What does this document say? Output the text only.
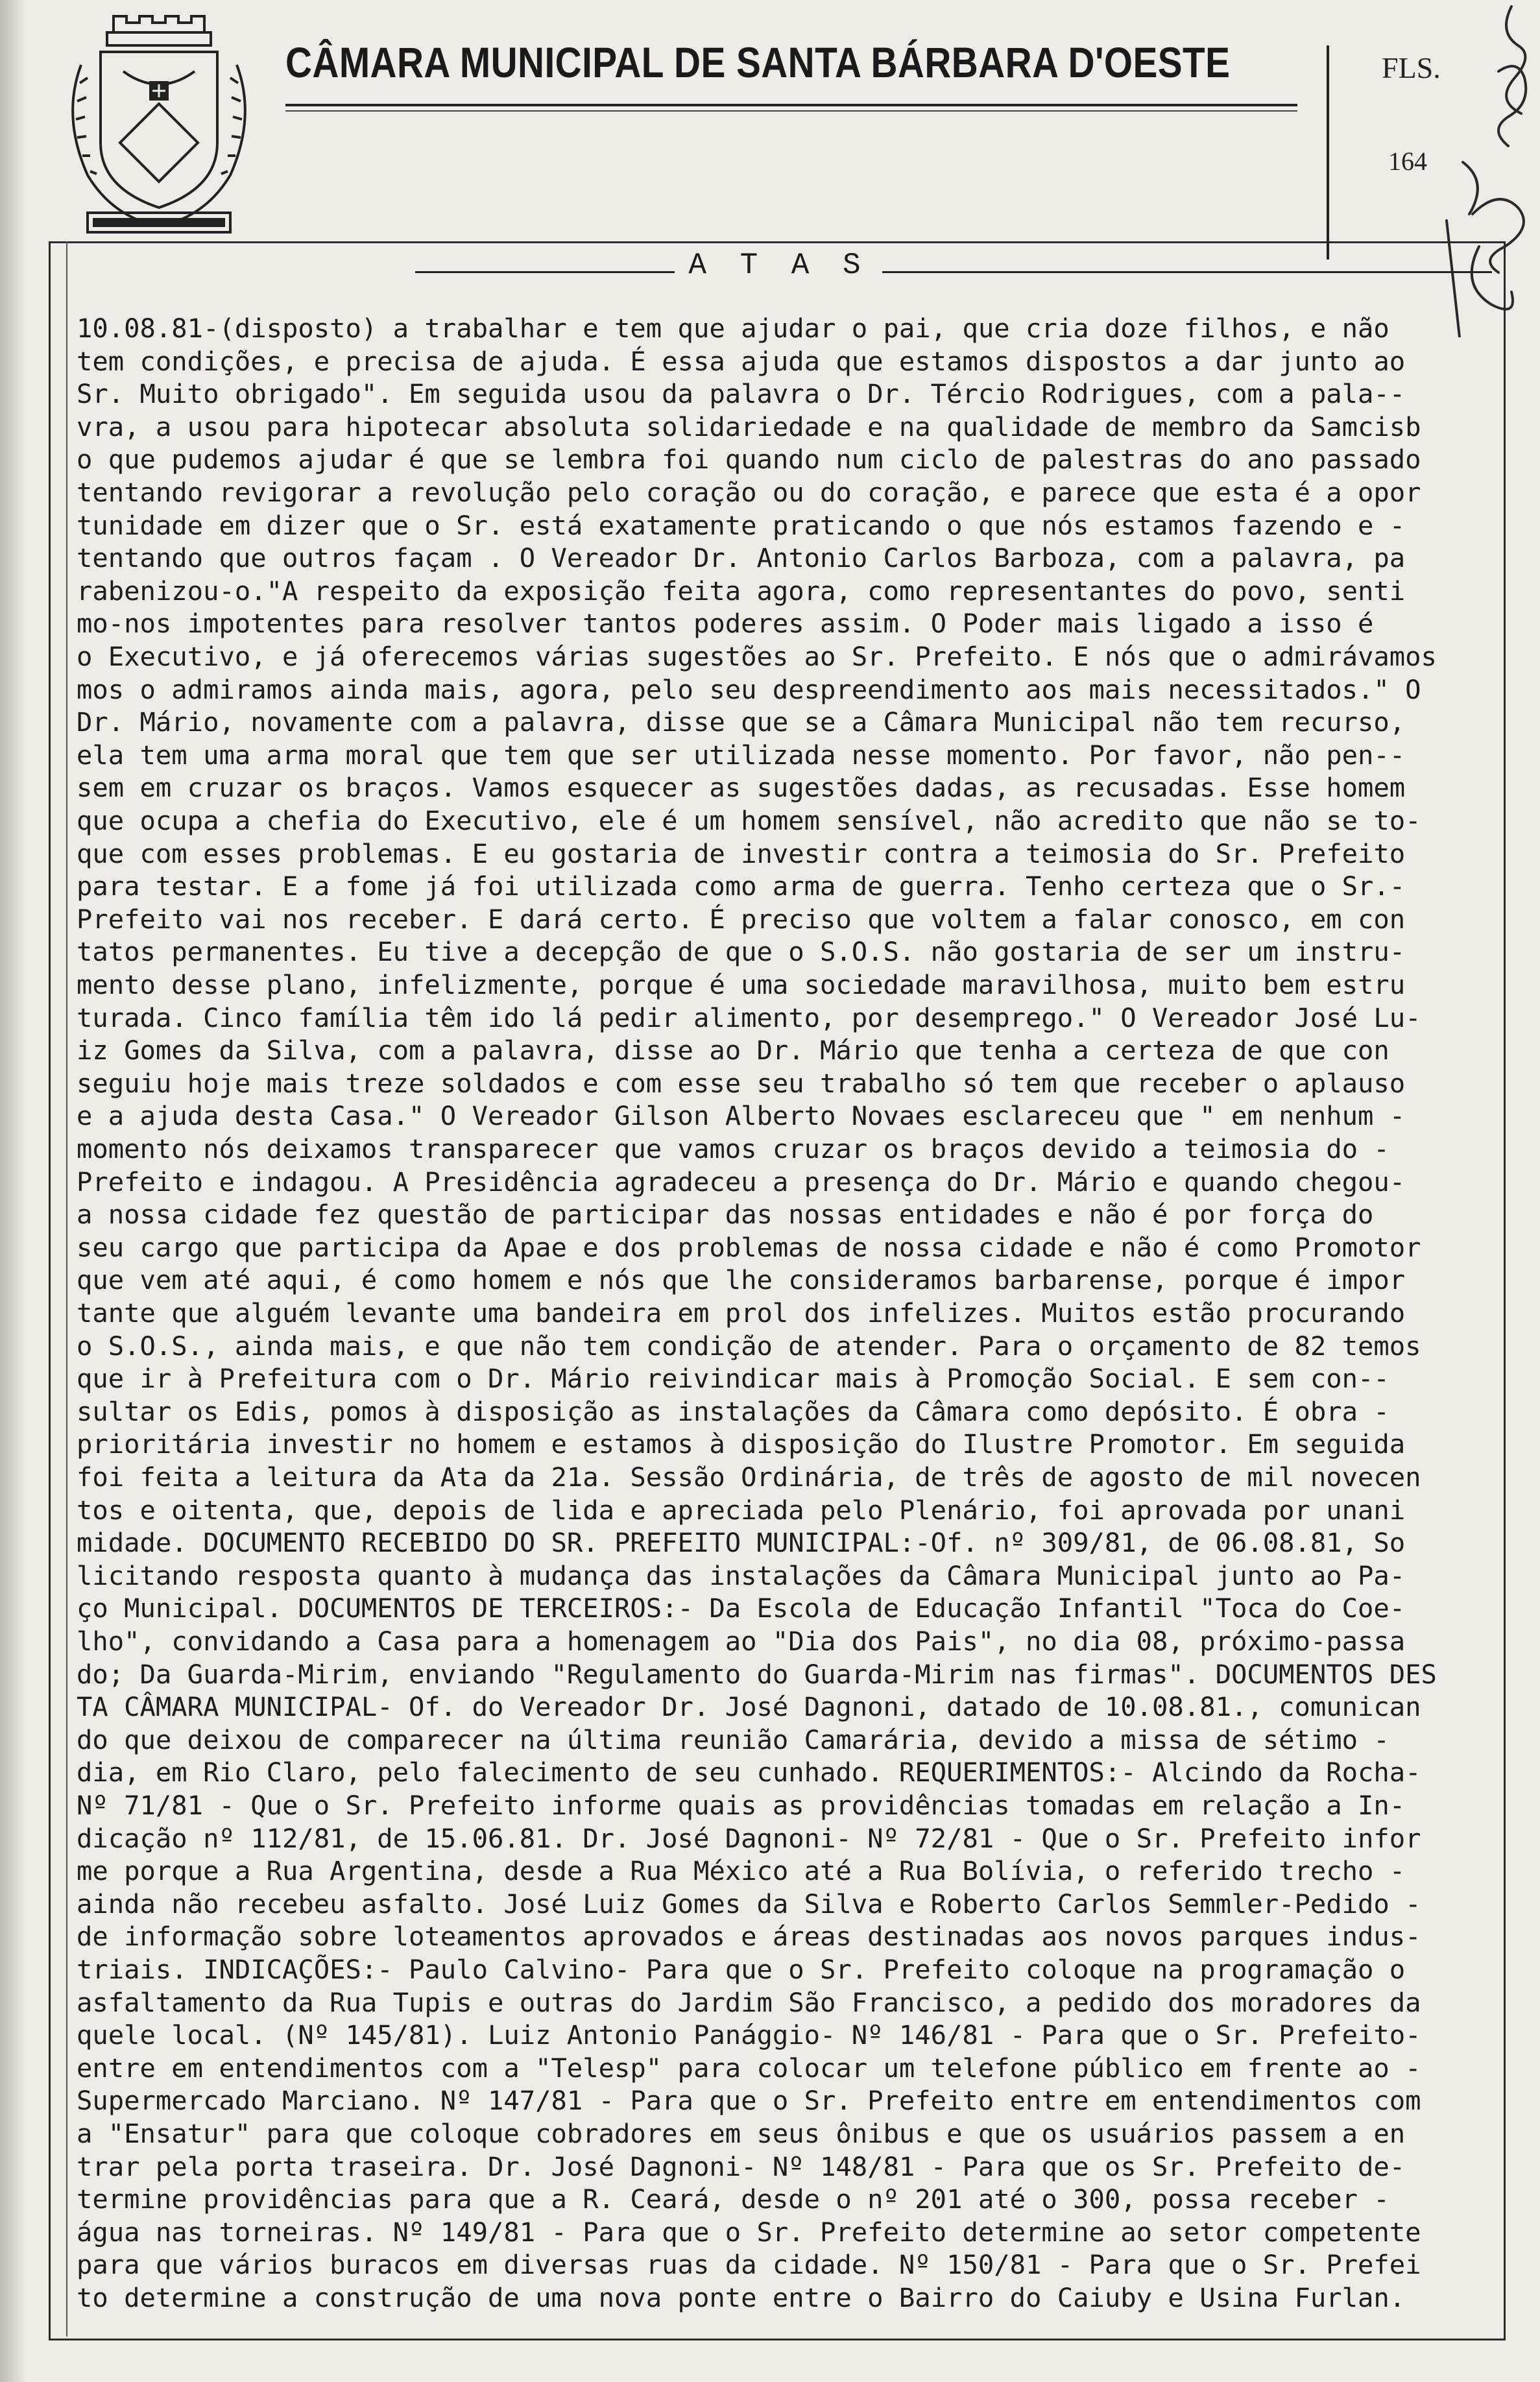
CÂMARA MUNICIPAL DE SANTA BÁRBARA D'OESTE	FLS.
164
A T A S
10.08.81-(disposto) a trabalhar e tem que ajudar o pai, que cria doze filhos, e não
tem condições, e precisa de ajuda. É essa ajuda que estamos dispostos a dar junto ao
Sr. Muito obrigado". Em seguida usou da palavra o Dr. Tércio Rodrigues, com a pala--
vra, a usou para hipotecar absoluta solidariedade e na qualidade de membro da Samcisb
o que pudemos ajudar é que se lembra foi quando num ciclo de palestras do ano passado
tentando revigorar a revolução pelo coração ou do coração, e parece que esta é a opor
tunidade em dizer que o Sr. está exatamente praticando o que nós estamos fazendo e -
tentando que outros façam . O Vereador Dr. Antonio Carlos Barboza, com a palavra, pa
rabenizou-o."A respeito da exposição feita agora, como representantes do povo, senti
mo-nos impotentes para resolver tantos poderes assim. O Poder mais ligado a isso é
o Executivo, e já oferecemos várias sugestões ao Sr. Prefeito. E nós que o admirávamos
mos o admiramos ainda mais, agora, pelo seu despreendimento aos mais necessitados." O
Dr. Mário, novamente com a palavra, disse que se a Câmara Municipal não tem recurso,
ela tem uma arma moral que tem que ser utilizada nesse momento. Por favor, não pen--
sem em cruzar os braços. Vamos esquecer as sugestões dadas, as recusadas. Esse homem
que ocupa a chefia do Executivo, ele é um homem sensível, não acredito que não se to-
que com esses problemas. E eu gostaria de investir contra a teimosia do Sr. Prefeito
para testar. E a fome já foi utilizada como arma de guerra. Tenho certeza que o Sr.-
Prefeito vai nos receber. E dará certo. É preciso que voltem a falar conosco, em con
tatos permanentes. Eu tive a decepção de que o S.O.S. não gostaria de ser um instru-
mento desse plano, infelizmente, porque é uma sociedade maravilhosa, muito bem estru
turada. Cinco família têm ido lá pedir alimento, por desemprego." O Vereador José Lu-
iz Gomes da Silva, com a palavra, disse ao Dr. Mário que tenha a certeza de que con
seguiu hoje mais treze soldados e com esse seu trabalho só tem que receber o aplauso
e a ajuda desta Casa." O Vereador Gilson Alberto Novaes esclareceu que " em nenhum -
momento nós deixamos transparecer que vamos cruzar os braços devido a teimosia do -
Prefeito e indagou. A Presidência agradeceu a presença do Dr. Mário e quando chegou-
a nossa cidade fez questão de participar das nossas entidades e não é por força do
seu cargo que participa da Apae e dos problemas de nossa cidade e não é como Promotor
que vem até aqui, é como homem e nós que lhe consideramos barbarense, porque é impor
tante que alguém levante uma bandeira em prol dos infelizes. Muitos estão procurando
o S.O.S., ainda mais, e que não tem condição de atender. Para o orçamento de 82 temos
que ir à Prefeitura com o Dr. Mário reivindicar mais à Promoção Social. E sem con--
sultar os Edis, pomos à disposição as instalações da Câmara como depósito. É obra -
prioritária investir no homem e estamos à disposição do Ilustre Promotor. Em seguida
foi feita a leitura da Ata da 21a. Sessão Ordinária, de três de agosto de mil novecen
tos e oitenta, que, depois de lida e apreciada pelo Plenário, foi aprovada por unani
midade. DOCUMENTO RECEBIDO DO SR. PREFEITO MUNICIPAL:-Of. nº 309/81, de 06.08.81, So
licitando resposta quanto à mudança das instalações da Câmara Municipal junto ao Pa-
ço Municipal. DOCUMENTOS DE TERCEIROS:- Da Escola de Educação Infantil "Toca do Coe-
lho", convidando a Casa para a homenagem ao "Dia dos Pais", no dia 08, próximo-passa
do; Da Guarda-Mirim, enviando "Regulamento do Guarda-Mirim nas firmas". DOCUMENTOS DES
TA CÂMARA MUNICIPAL- Of. do Vereador Dr. José Dagnoni, datado de 10.08.81., comunican
do que deixou de comparecer na última reunião Camarária, devido a missa de sétimo -
dia, em Rio Claro, pelo falecimento de seu cunhado. REQUERIMENTOS:- Alcindo da Rocha-
Nº 71/81 - Que o Sr. Prefeito informe quais as providências tomadas em relação a In-
dicação nº 112/81, de 15.06.81. Dr. José Dagnoni- Nº 72/81 - Que o Sr. Prefeito infor
me porque a Rua Argentina, desde a Rua México até a Rua Bolívia, o referido trecho -
ainda não recebeu asfalto. José Luiz Gomes da Silva e Roberto Carlos Semmler-Pedido -
de informação sobre loteamentos aprovados e áreas destinadas aos novos parques indus-
triais. INDICAÇÕES:- Paulo Calvino- Para que o Sr. Prefeito coloque na programação o
asfaltamento da Rua Tupis e outras do Jardim São Francisco, a pedido dos moradores da
quele local. (Nº 145/81). Luiz Antonio Panággio- Nº 146/81 - Para que o Sr. Prefeito-
entre em entendimentos com a "Telesp" para colocar um telefone público em frente ao -
Supermercado Marciano. Nº 147/81 - Para que o Sr. Prefeito entre em entendimentos com
a "Ensatur" para que coloque cobradores em seus ônibus e que os usuários passem a en
trar pela porta traseira. Dr. José Dagnoni- Nº 148/81 - Para que os Sr. Prefeito de-
termine providências para que a R. Ceará, desde o nº 201 até o 300, possa receber -
água nas torneiras. Nº 149/81 - Para que o Sr. Prefeito determine ao setor competente
para que vários buracos em diversas ruas da cidade. Nº 150/81 - Para que o Sr. Prefei
to determine a construção de uma nova ponte entre o Bairro do Caiuby e Usina Furlan.
